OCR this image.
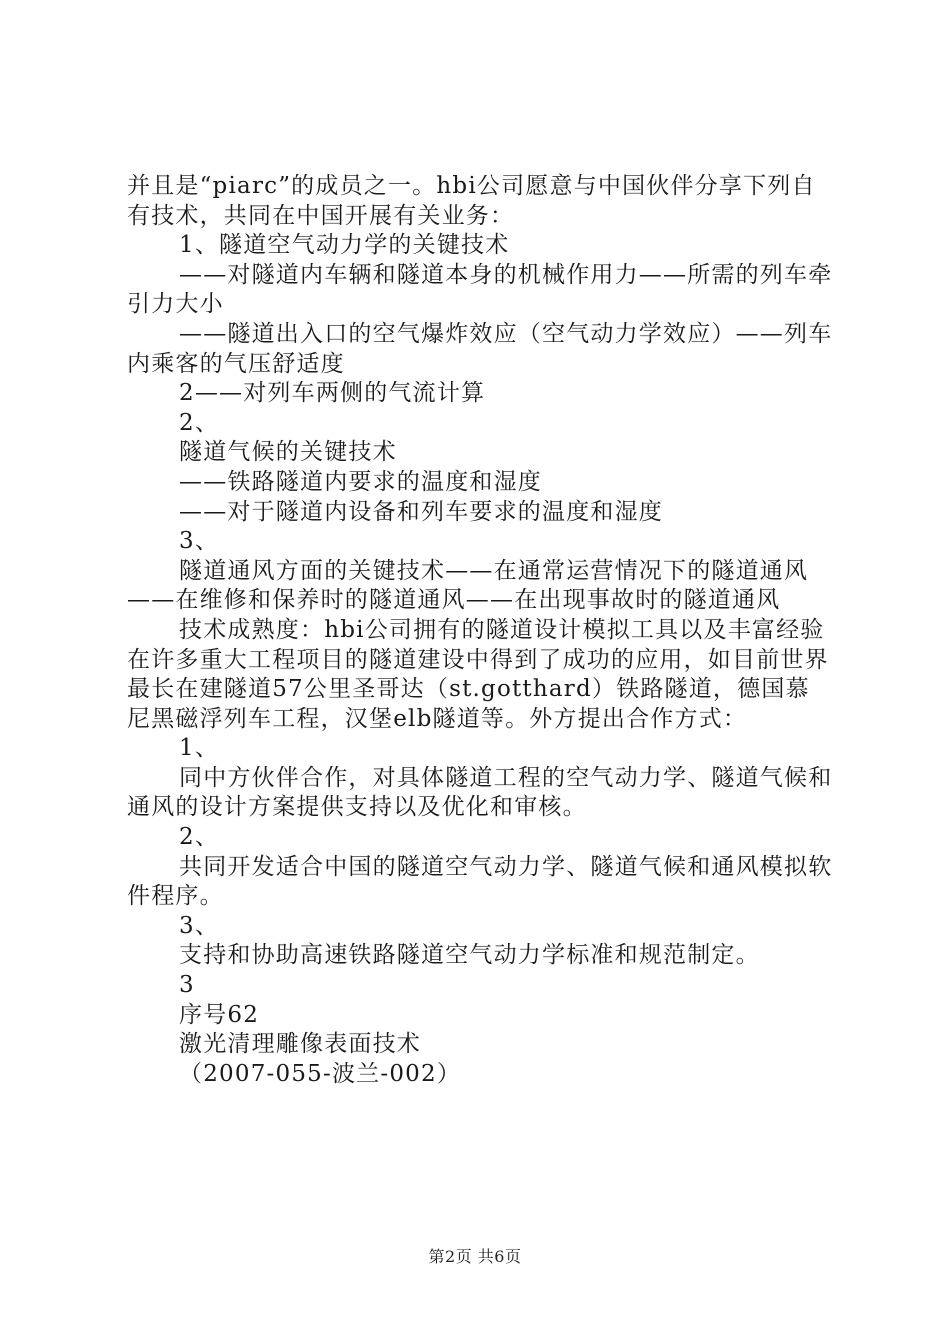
并且是“piarc”的成员之一。hbi公司愿意与中国伙伴分享下列自有技术，共同在中国开展有关业务：

1、隧道空气动力学的关键技术

——对隧道内车辆和隧道本身的机械作用力——所需的列车牵引力大小

——隧道出入口的空气爆炸效应（空气动力学效应）——列车内乘客的气压舒适度

2——对列车两侧的气流计算

2、

隧道气候的关键技术

——铁路隧道内要求的温度和湿度

——对于隧道内设备和列车要求的温度和湿度

3、

隧道通风方面的关键技术——在通常运营情况下的隧道通风——在维修和保养时的隧道通风——在出现事故时的隧道通风

技术成熟度：hbi公司拥有的隧道设计模拟工具以及丰富经验在许多重大工程项目的隧道建设中得到了成功的应用，如目前世界最长在建隧道57公里圣哥达（st.gotthard）铁路隧道，德国慕尼黑磁浮列车工程，汉堡elb隧道等。外方提出合作方式：

1、

同中方伙伴合作，对具体隧道工程的空气动力学、隧道气候和通风的设计方案提供支持以及优化和审核。

2、

共同开发适合中国的隧道空气动力学、隧道气候和通风模拟软件程序。

3、

支持和协助高速铁路隧道空气动力学标准和规范制定。

3

序号62

激光清理雕像表面技术

（2007-055-波兰-002）

第2页 共6页
